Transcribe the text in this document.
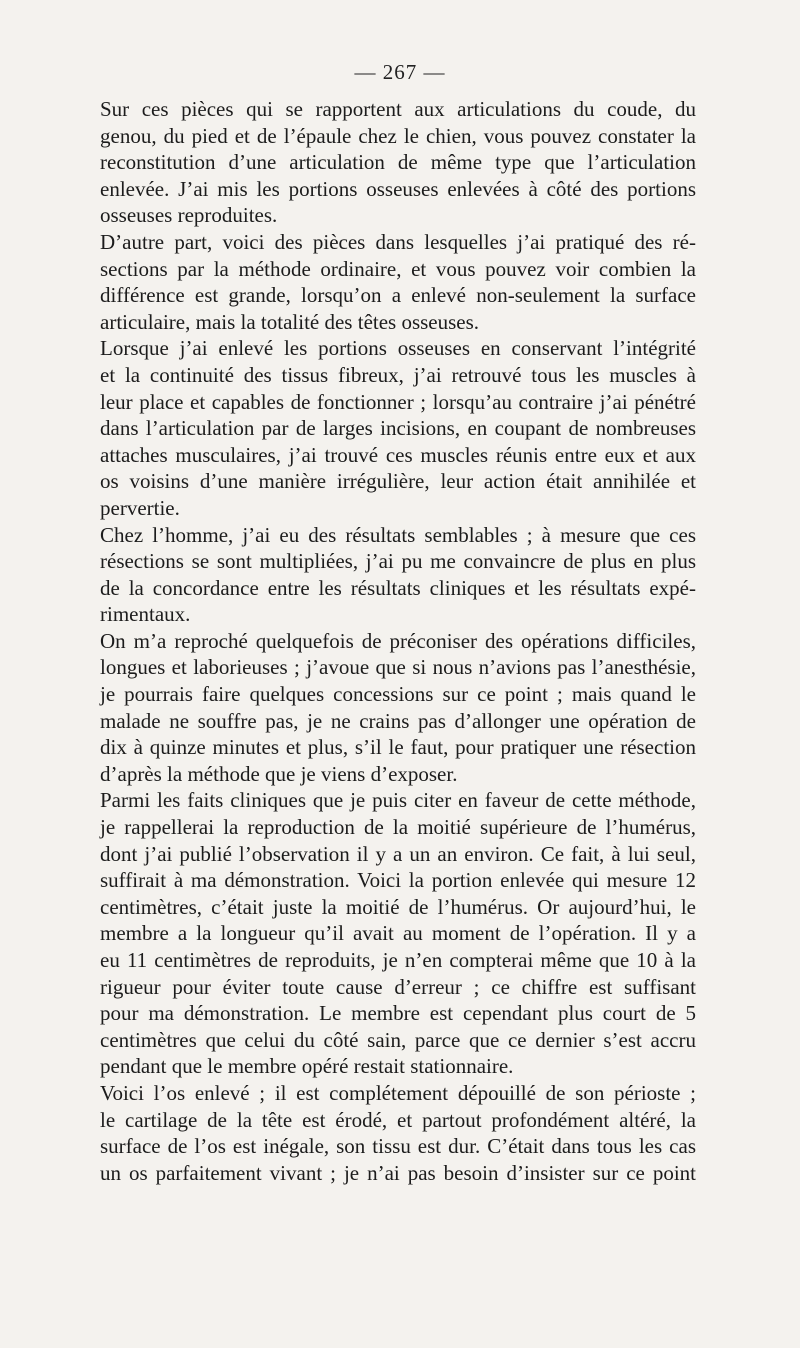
— 267 —

Sur ces pièces qui se rapportent aux articulations du coude, du
genou, du pied et de l’épaule chez le chien, vous pouvez constater la
reconstitution d’une articulation de même type que l’articulation
enlevée. J’ai mis les portions osseuses enlevées à côté des portions
osseuses reproduites.

D’autre part, voici des pièces dans lesquelles j’ai pratiqué des ré-
sections par la méthode ordinaire, et vous pouvez voir combien la
différence est grande, lorsqu’on a enlevé non-seulement la surface
articulaire, mais la totalité des têtes osseuses.

Lorsque j’ai enlevé les portions osseuses en conservant l’intégrité
et la continuité des tissus fibreux, j’ai retrouvé tous les muscles à
leur place et capables de fonctionner ; lorsqu’au contraire j’ai pénétré
dans l’articulation par de larges incisions, en coupant de nombreuses
attaches musculaires, j’ai trouvé ces muscles réunis entre eux et aux
os voisins d’une manière irrégulière, leur action était annihilée et
pervertie.

Chez l’homme, j’ai eu des résultats semblables ; à mesure que ces
résections se sont multipliées, j’ai pu me convaincre de plus en plus
de la concordance entre les résultats cliniques et les résultats expé-
rimentaux.

On m’a reproché quelquefois de préconiser des opérations difficiles,
longues et laborieuses ; j’avoue que si nous n’avions pas l’anesthésie,
je pourrais faire quelques concessions sur ce point ; mais quand le
malade ne souffre pas, je ne crains pas d’allonger une opération de
dix à quinze minutes et plus, s’il le faut, pour pratiquer une résection
d’après la méthode que je viens d’exposer.

Parmi les faits cliniques que je puis citer en faveur de cette méthode,
je rappellerai la reproduction de la moitié supérieure de l’humérus,
dont j’ai publié l’observation il y a un an environ. Ce fait, à lui seul,
suffirait à ma démonstration. Voici la portion enlevée qui mesure 12
centimètres, c’était juste la moitié de l’humérus. Or aujourd’hui, le
membre a la longueur qu’il avait au moment de l’opération. Il y a
eu 11 centimètres de reproduits, je n’en compterai même que 10 à la
rigueur pour éviter toute cause d’erreur ; ce chiffre est suffisant
pour ma démonstration. Le membre est cependant plus court de 5
centimètres que celui du côté sain, parce que ce dernier s’est accru
pendant que le membre opéré restait stationnaire.

Voici l’os enlevé ; il est complétement dépouillé de son périoste ;
le cartilage de la tête est érodé, et partout profondément altéré, la
surface de l’os est inégale, son tissu est dur. C’était dans tous les cas
un os parfaitement vivant ; je n’ai pas besoin d’insister sur ce point
